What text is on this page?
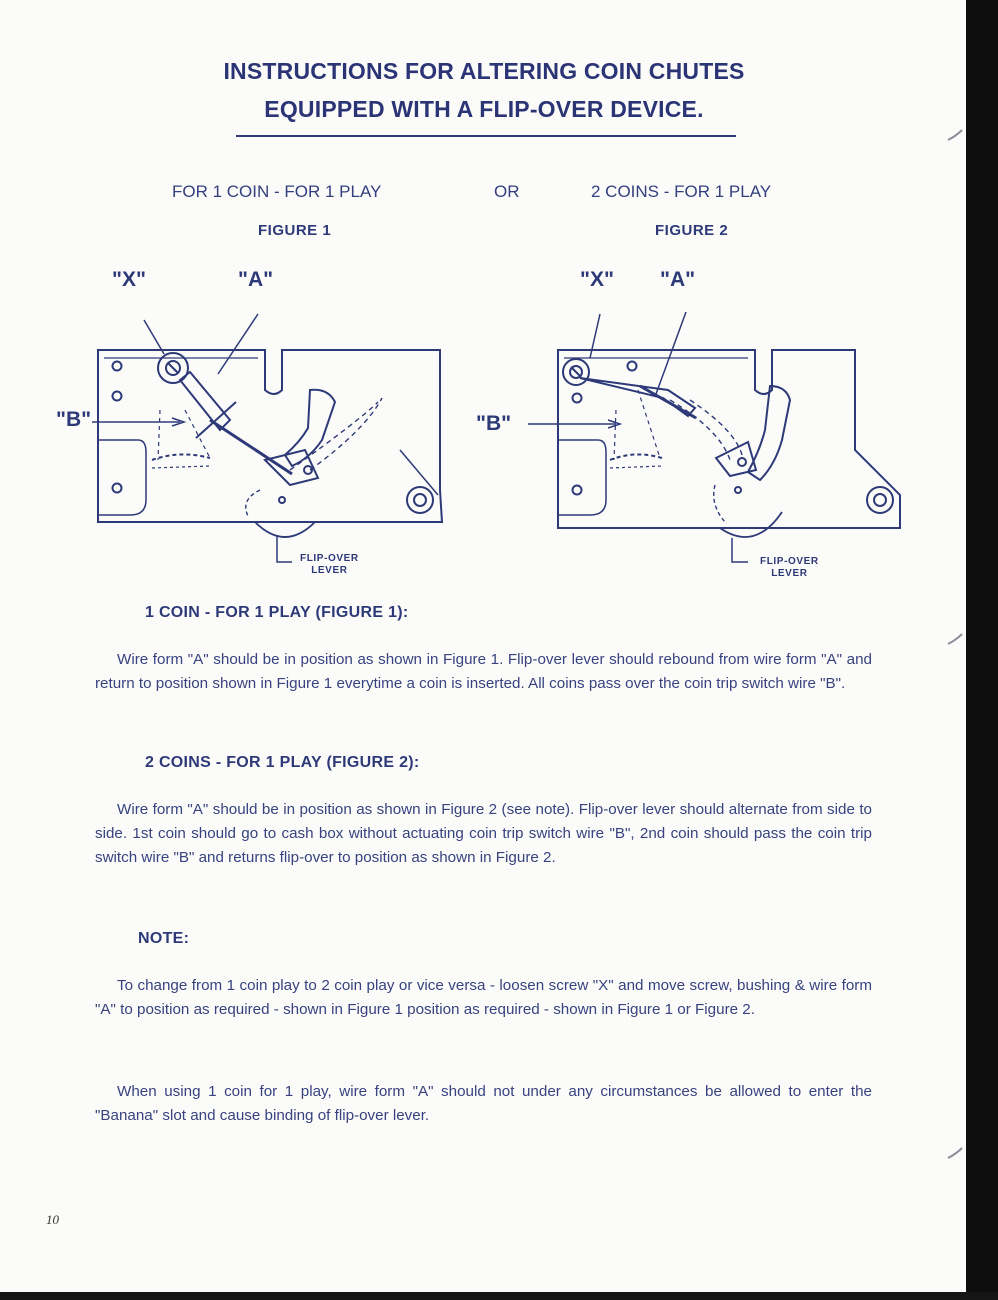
INSTRUCTIONS FOR ALTERING COIN CHUTES
EQUIPPED WITH A FLIP-OVER DEVICE.
FOR 1 COIN - FOR 1 PLAY	OR	2 COINS - FOR 1 PLAY
FIGURE 1	FIGURE 2
"X"	"A"
"B"
FLIP-OVER
LEVER
"X" "A"
"B"
FLIP-OVER
LEVER
1 COIN - FOR 1 PLAY (FIGURE 1):
Wire form "A" should be in position as shown in Figure 1. Flip-over lever should rebound from wire form "A" and return to position shown in Figure 1 everytime a coin is inserted. All coins pass over the coin trip switch wire "B".
2 COINS - FOR 1 PLAY (FIGURE 2):
Wire form "A" should be in position as shown in Figure 2 (see note). Flip-over lever should alternate from side to side. 1st coin should go to cash box without actuating coin trip switch wire "B", 2nd coin should pass the coin trip switch wire "B" and returns flip-over to position as shown in Figure 2.
NOTE:
To change from 1 coin play to 2 coin play or vice versa - loosen screw "X" and move screw, bushing & wire form "A" to position as required - shown in Figure 1 position as required - shown in Figure 1 or Figure 2.
When using 1 coin for 1 play, wire form "A" should not under any circumstances be allowed to enter the "Banana" slot and cause binding of flip-over lever.
10
